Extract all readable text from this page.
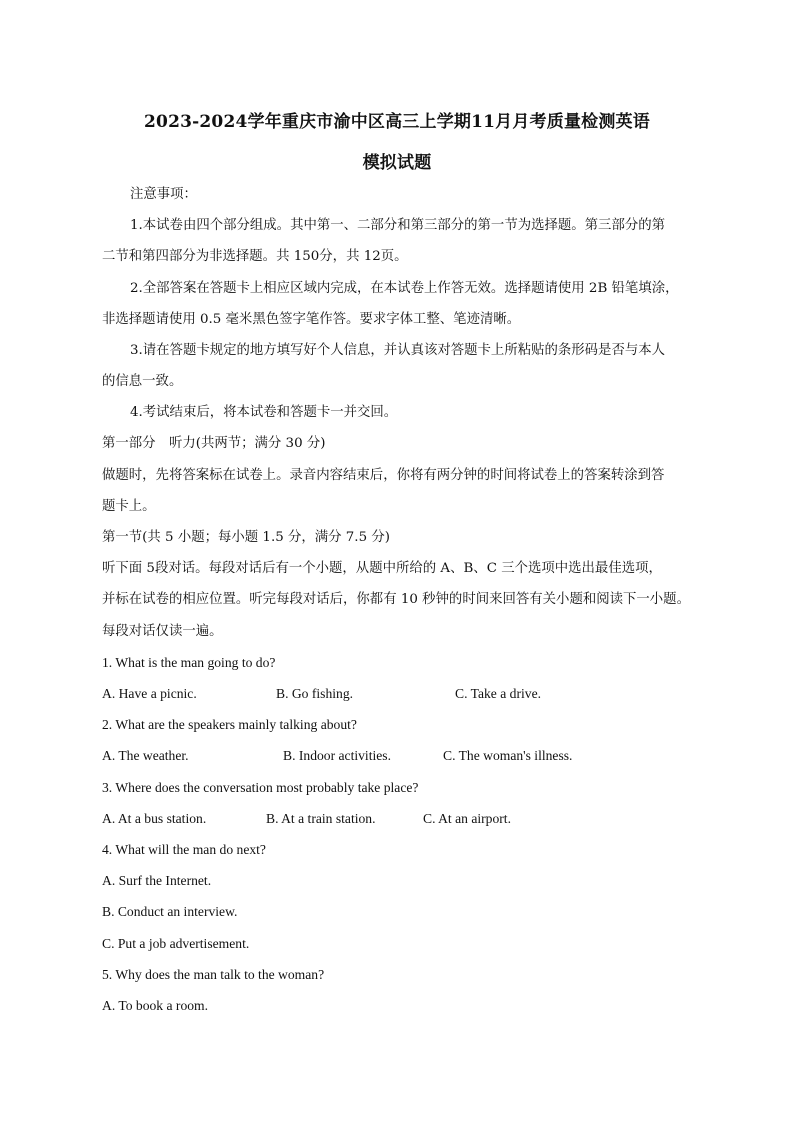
2023-2024学年重庆市渝中区高三上学期11月月考质量检测英语
模拟试题
注意事项：
1.本试卷由四个部分组成。其中第一、二部分和第三部分的第一节为选择题。第三部分的第
二节和第四部分为非选择题。共 150分，共 12页。
2.全部答案在答题卡上相应区域内完成，在本试卷上作答无效。选择题请使用 2B 铅笔填涂，
非选择题请使用 0.5 毫米黑色签字笔作答。要求字体工整、笔迹清晰。
3.请在答题卡规定的地方填写好个人信息，并认真该对答题卡上所粘贴的条形码是否与本人
的信息一致。
4.考试结束后，将本试卷和答题卡一并交回。
第一部分　听力(共两节；满分 30 分)
做题时，先将答案标在试卷上。录音内容结束后，你将有两分钟的时间将试卷上的答案转涂到答
题卡上。
第一节(共 5 小题；每小题 1.5 分，满分 7.5 分)
听下面 5段对话。每段对话后有一个小题，从题中所给的 A、B、C 三个选项中选出最佳选项，
并标在试卷的相应位置。听完每段对话后，你都有 10 秒钟的时间来回答有关小题和阅读下一小题。
每段对话仅读一遍。
1. What is the man going to do?
A. Have a picnic.	B. Go fishing.	C. Take a drive.
2. What are the speakers mainly talking about?
A. The weather.	B. Indoor activities.	C. The woman's illness.
3. Where does the conversation most probably take place?
A. At a bus station.	B. At a train station.	C. At an airport.
4. What will the man do next?
A. Surf the Internet.
B. Conduct an interview.
C. Put a job advertisement.
5. Why does the man talk to the woman?
A. To book a room.
